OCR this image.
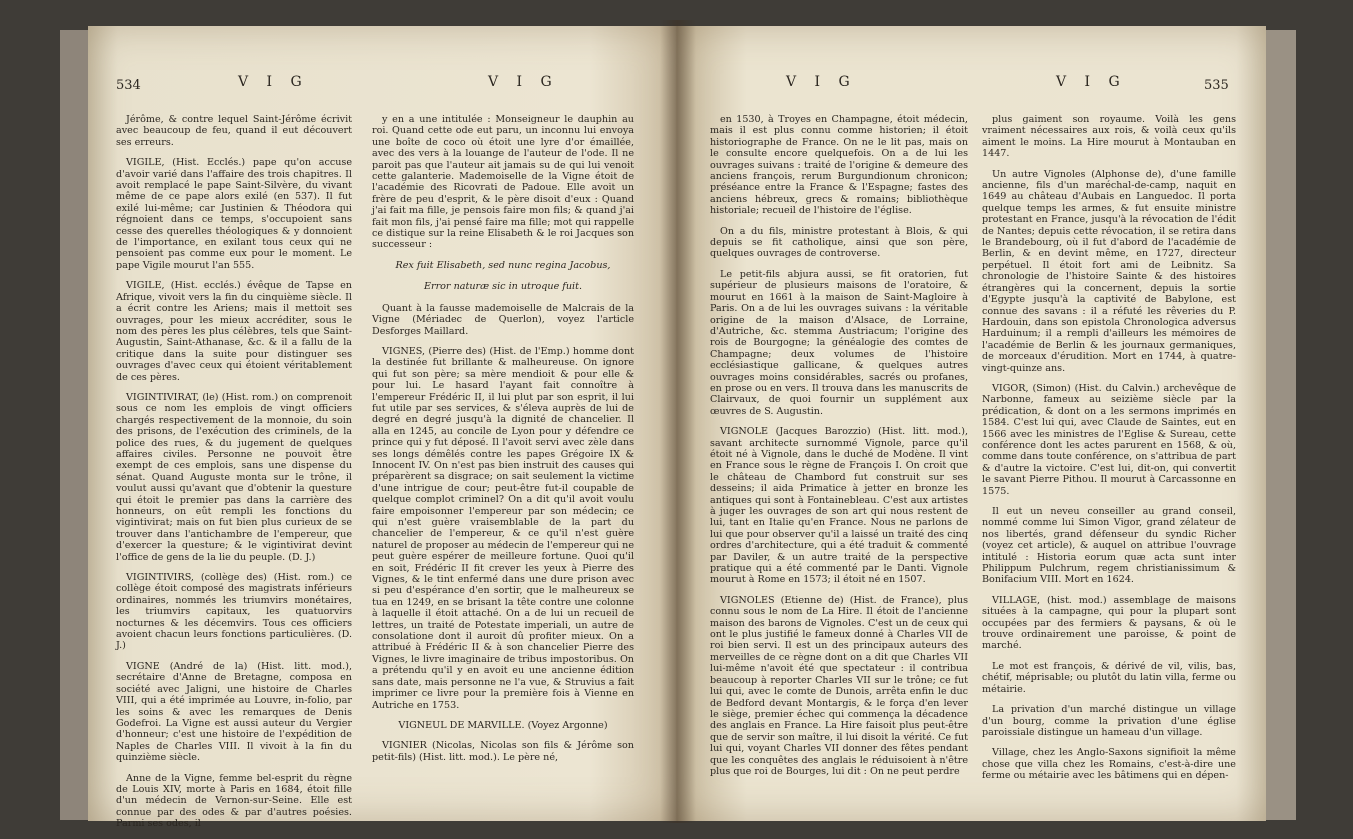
534	V I G	V I G

Jérôme, & contre lequel Saint-Jérôme écrivit avec beaucoup de feu, quand il eut découvert ses erreurs.

VIGILE, (Hist. Ecclés.) pape qu'on accuse d'avoir varié dans l'affaire des trois chapitres. Il avoit remplacé le pape Saint-Silvère, du vivant même de ce pape alors exilé (en 537). Il fut exilé lui-même; car Justinien & Théodora qui régnoient dans ce temps, s'occupoient sans cesse des querelles théologiques & y donnoient de l'importance, en exilant tous ceux qui ne pensoient pas comme eux pour le moment. Le pape Vigile mourut l'an 555.

VIGILE, (Hist. ecclés.) évêque de Tapse en Afrique, vivoit vers la fin du cinquième siècle. Il a écrit contre les Ariens; mais il mettoit ses ouvrages, pour les mieux accréditer, sous le nom des pères les plus célèbres, tels que Saint-Augustin, Saint-Athanase, &c. & il a fallu de la critique dans la suite pour distinguer ses ouvrages d'avec ceux qui étoient véritablement de ces pères.

VIGINTIVIRAT, (le) (Hist. rom.) on comprenoit sous ce nom les emplois de vingt officiers chargés respectivement de la monnoie, du soin des prisons, de l'exécution des criminels, de la police des rues, & du jugement de quelques affaires civiles. Personne ne pouvoit être exempt de ces emplois, sans une dispense du sénat. Quand Auguste monta sur le trône, il voulut aussi qu'avant que d'obtenir la questure qui étoit le premier pas dans la carrière des honneurs, on eût rempli les fonctions du vigintivirat; mais on fut bien plus curieux de se trouver dans l'antichambre de l'empereur, que d'exercer la questure; & le vigintivirat devint l'office de gens de la lie du peuple. (D. J.)

VIGINTIVIRS, (collège des) (Hist. rom.) ce collège étoit composé des magistrats inférieurs ordinaires, nommés les triumvirs monétaires, les triumvirs capitaux, les quatuorvirs nocturnes & les décemvirs. Tous ces officiers avoient chacun leurs fonctions particulières. (D. J.)

VIGNE (André de la) (Hist. litt. mod.), secrétaire d'Anne de Bretagne, composa en société avec Jaligni, une histoire de Charles VIII, qui a été imprimée au Louvre, in-folio, par les soins & avec les remarques de Denis Godefroi. La Vigne est aussi auteur du Vergier d'honneur; c'est une histoire de l'expédition de Naples de Charles VIII. Il vivoit à la fin du quinzième siècle.

Anne de la Vigne, femme bel-esprit du règne de Louis XIV, morte à Paris en 1684, étoit fille d'un médecin de Vernon-sur-Seine. Elle est connue par des odes & par d'autres poésies. Parmi ses odes, il

y en a une intitulée : Monseigneur le dauphin au roi. Quand cette ode eut paru, un inconnu lui envoya une boîte de coco où étoit une lyre d'or émaillée, avec des vers à la louange de l'auteur de l'ode. Il ne paroit pas que l'auteur ait jamais su de qui lui venoit cette galanterie. Mademoiselle de la Vigne étoit de l'académie des Ricovrati de Padoue. Elle avoit un frère de peu d'esprit, & le père disoit d'eux : Quand j'ai fait ma fille, je pensois faire mon fils; & quand j'ai fait mon fils, j'ai pensé faire ma fille; mot qui rappelle ce distique sur la reine Elisabeth & le roi Jacques son successeur :

Rex fuit Elisabeth, sed nunc regina Jacobus,

Error naturæ sic in utroque fuit.

Quant à la fausse mademoiselle de Malcrais de la Vigne (Mériadec de Querlon), voyez l'article Desforges Maillard.

VIGNES, (Pierre des) (Hist. de l'Emp.) homme dont la destinée fut brillante & malheureuse. On ignore qui fut son père; sa mère mendioit & pour elle & pour lui. Le hasard l'ayant fait connoître à l'empereur Frédéric II, il lui plut par son esprit, il lui fut utile par ses services, & s'éleva auprès de lui de degré en degré jusqu'à la dignité de chancelier. Il alla en 1245, au concile de Lyon pour y défendre ce prince qui y fut déposé. Il l'avoit servi avec zèle dans ses longs démêlés contre les papes Grégoire IX & Innocent IV. On n'est pas bien instruit des causes qui préparèrent sa disgrace; on sait seulement la victime d'une intrigue de cour; peut-être fut-il coupable de quelque complot criminel? On a dit qu'il avoit voulu faire empoisonner l'empereur par son médecin; ce qui n'est guère vraisemblable de la part du chancelier de l'empereur, & ce qu'il n'est guère naturel de proposer au médecin de l'empereur qui ne peut guère espérer de meilleure fortune. Quoi qu'il en soit, Frédéric II fit crever les yeux à Pierre des Vignes, & le tint enfermé dans une dure prison avec si peu d'espérance d'en sortir, que le malheureux se tua en 1249, en se brisant la tête contre une colonne à laquelle il étoit attaché. On a de lui un recueil de lettres, un traité de Potestate imperiali, un autre de consolatione dont il auroit dû profiter mieux. On a attribué à Frédéric II & à son chancelier Pierre des Vignes, le livre imaginaire de tribus impostoribus. On a prétendu qu'il y en avoit eu une ancienne édition sans date, mais personne ne l'a vue, & Struvius a fait imprimer ce livre pour la première fois à Vienne en Autriche en 1753.

VIGNEUL DE MARVILLE. (Voyez Argonne)

VIGNIER (Nicolas, Nicolas son fils & Jérôme son petit-fils) (Hist. litt. mod.). Le père né,

V I G	V I G	535

en 1530, à Troyes en Champagne, étoit médecin, mais il est plus connu comme historien; il étoit historiographe de France. On ne le lit pas, mais on le consulte encore quelquefois. On a de lui les ouvrages suivans : traité de l'origine & demeure des anciens françois, rerum Burgundionum chronicon; préséance entre la France & l'Espagne; fastes des anciens hébreux, grecs & romains; bibliothèque historiale; recueil de l'histoire de l'église.

On a du fils, ministre protestant à Blois, & qui depuis se fit catholique, ainsi que son père, quelques ouvrages de controverse.

Le petit-fils abjura aussi, se fit oratorien, fut supérieur de plusieurs maisons de l'oratoire, & mourut en 1661 à la maison de Saint-Magloire à Paris. On a de lui les ouvrages suivans : la véritable origine de la maison d'Alsace, de Lorraine, d'Autriche, &c. stemma Austriacum; l'origine des rois de Bourgogne; la généalogie des comtes de Champagne; deux volumes de l'histoire ecclésiastique gallicane, & quelques autres ouvrages moins considérables, sacrés ou profanes, en prose ou en vers. Il trouva dans les manuscrits de Clairvaux, de quoi fournir un supplément aux œuvres de S. Augustin.

VIGNOLE (Jacques Barozzio) (Hist. litt. mod.), savant architecte surnommé Vignole, parce qu'il étoit né à Vignole, dans le duché de Modène. Il vint en France sous le règne de François I. On croit que le château de Chambord fut construit sur ses desseins; il aida Primatice à jetter en bronze les antiques qui sont à Fontainebleau. C'est aux artistes à juger les ouvrages de son art qui nous restent de lui, tant en Italie qu'en France. Nous ne parlons de lui que pour observer qu'il a laissé un traité des cinq ordres d'architecture, qui a été traduit & commenté par Daviler, & un autre traité de la perspective pratique qui a été commenté par le Danti. Vignole mourut à Rome en 1573; il étoit né en 1507.

VIGNOLES (Etienne de) (Hist. de France), plus connu sous le nom de La Hire. Il étoit de l'ancienne maison des barons de Vignoles. C'est un de ceux qui ont le plus justifié le fameux donné à Charles VII de roi bien servi. Il est un des principaux auteurs des merveilles de ce règne dont on a dit que Charles VII lui-même n'avoit été que spectateur : il contribua beaucoup à reporter Charles VII sur le trône; ce fut lui qui, avec le comte de Dunois, arrêta enfin le duc de Bedford devant Montargis, & le força d'en lever le siège, premier échec qui commença la décadence des anglais en France. La Hire faisoit plus peut-être que de servir son maître, il lui disoit la vérité. Ce fut lui qui, voyant Charles VII donner des fêtes pendant que les conquêtes des anglais le réduisoient à n'être plus que roi de Bourges, lui dit : On ne peut perdre

plus gaiment son royaume. Voilà les gens vraiment nécessaires aux rois, & voilà ceux qu'ils aiment le moins. La Hire mourut à Montauban en 1447.

Un autre Vignoles (Alphonse de), d'une famille ancienne, fils d'un maréchal-de-camp, naquit en 1649 au château d'Aubais en Languedoc. Il porta quelque temps les armes, & fut ensuite ministre protestant en France, jusqu'à la révocation de l'édit de Nantes; depuis cette révocation, il se retira dans le Brandebourg, où il fut d'abord de l'académie de Berlin, & en devint même, en 1727, directeur perpétuel. Il étoit fort ami de Leibnitz. Sa chronologie de l'histoire Sainte & des histoires étrangères qui la concernent, depuis la sortie d'Egypte jusqu'à la captivité de Babylone, est connue des savans : il a réfuté les rêveries du P. Hardouin, dans son epistola Chronologica adversus Harduinum; il a rempli d'ailleurs les mémoires de l'académie de Berlin & les journaux germaniques, de morceaux d'érudition. Mort en 1744, à quatre-vingt-quinze ans.

VIGOR, (Simon) (Hist. du Calvin.) archevêque de Narbonne, fameux au seizième siècle par la prédication, & dont on a les sermons imprimés en 1584. C'est lui qui, avec Claude de Saintes, eut en 1566 avec les ministres de l'Eglise & Sureau, cette conférence dont les actes parurent en 1568, & où, comme dans toute conférence, on s'attribua de part & d'autre la victoire. C'est lui, dit-on, qui convertit le savant Pierre Pithou. Il mourut à Carcassonne en 1575.

Il eut un neveu conseiller au grand conseil, nommé comme lui Simon Vigor, grand zélateur de nos libertés, grand défenseur du syndic Richer (voyez cet article), & auquel on attribue l'ouvrage intitulé : Historia eorum quæ acta sunt inter Philippum Pulchrum, regem christianissimum & Bonifacium VIII. Mort en 1624.

VILLAGE, (hist. mod.) assemblage de maisons situées à la campagne, qui pour la plupart sont occupées par des fermiers & paysans, & où le trouve ordinairement une paroisse, & point de marché.

Le mot est françois, & dérivé de vil, vilis, bas, chétif, méprisable; ou plutôt du latin villa, ferme ou métairie.

La privation d'un marché distingue un village d'un bourg, comme la privation d'une église paroissiale distingue un hameau d'un village.

Village, chez les Anglo-Saxons signifioit la même chose que villa chez les Romains, c'est-à-dire une ferme ou métairie avec les bâtimens qui en dépen-
